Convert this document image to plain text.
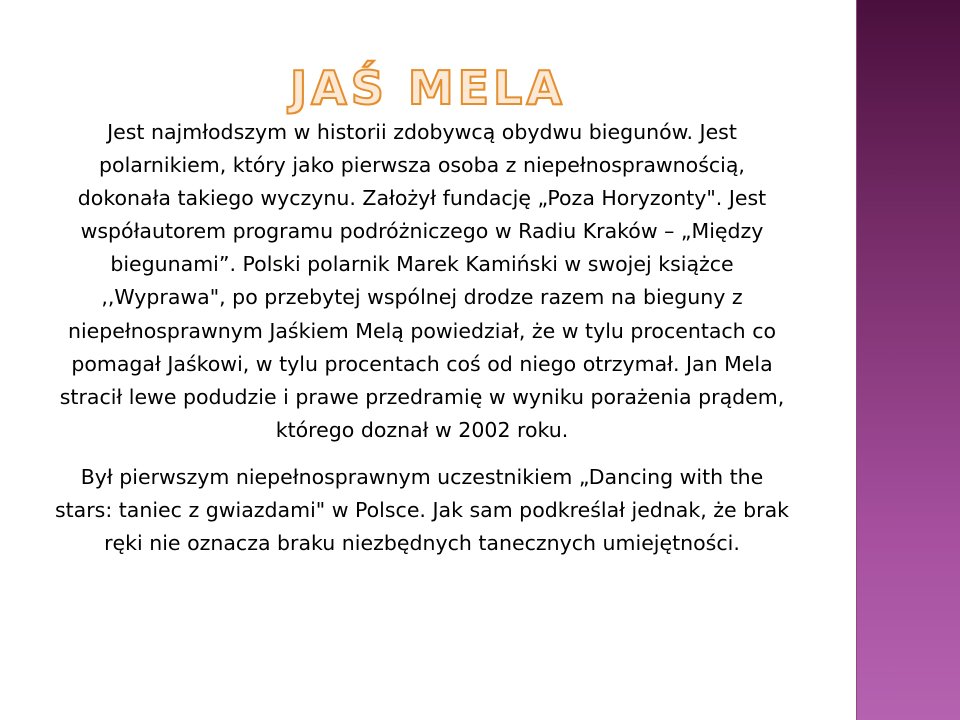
JAŚ MELA

Jest najmłodszym w historii zdobywcą obydwu biegunów. Jest polarnikiem, który jako pierwsza osoba z niepełnosprawnością, dokonała takiego wyczynu. Założył fundację „Poza Horyzonty". Jest współautorem programu podróżniczego w Radiu Kraków – „Między biegunami”. Polski polarnik Marek Kamiński w swojej książce ,,Wyprawa", po przebytej wspólnej drodze razem na bieguny z niepełnosprawnym Jaśkiem Melą powiedział, że w tylu procentach co pomagał Jaśkowi, w tylu procentach coś od niego otrzymał. Jan Mela stracił lewe podudzie i prawe przedramię w wyniku porażenia prądem, którego doznał w 2002 roku.

Był pierwszym niepełnosprawnym uczestnikiem „Dancing with the stars: taniec z gwiazdami" w Polsce. Jak sam podkreślał jednak, że brak ręki nie oznacza braku niezbędnych tanecznych umiejętności.
